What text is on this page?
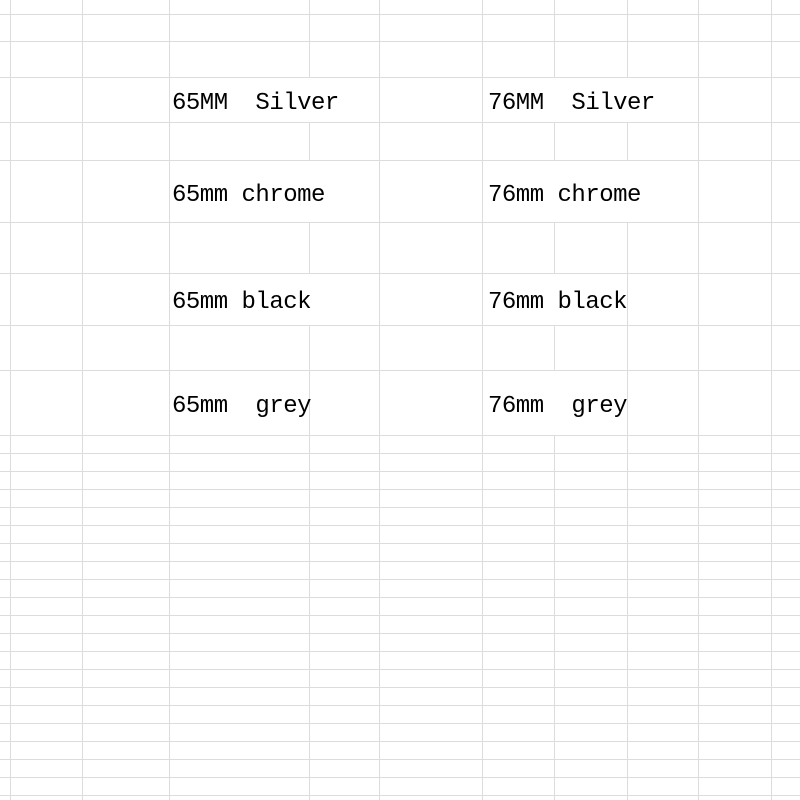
65MM  Silver	76MM  Silver
65mm chrome	76mm chrome
65mm black	76mm black
65mm  grey	76mm  grey
